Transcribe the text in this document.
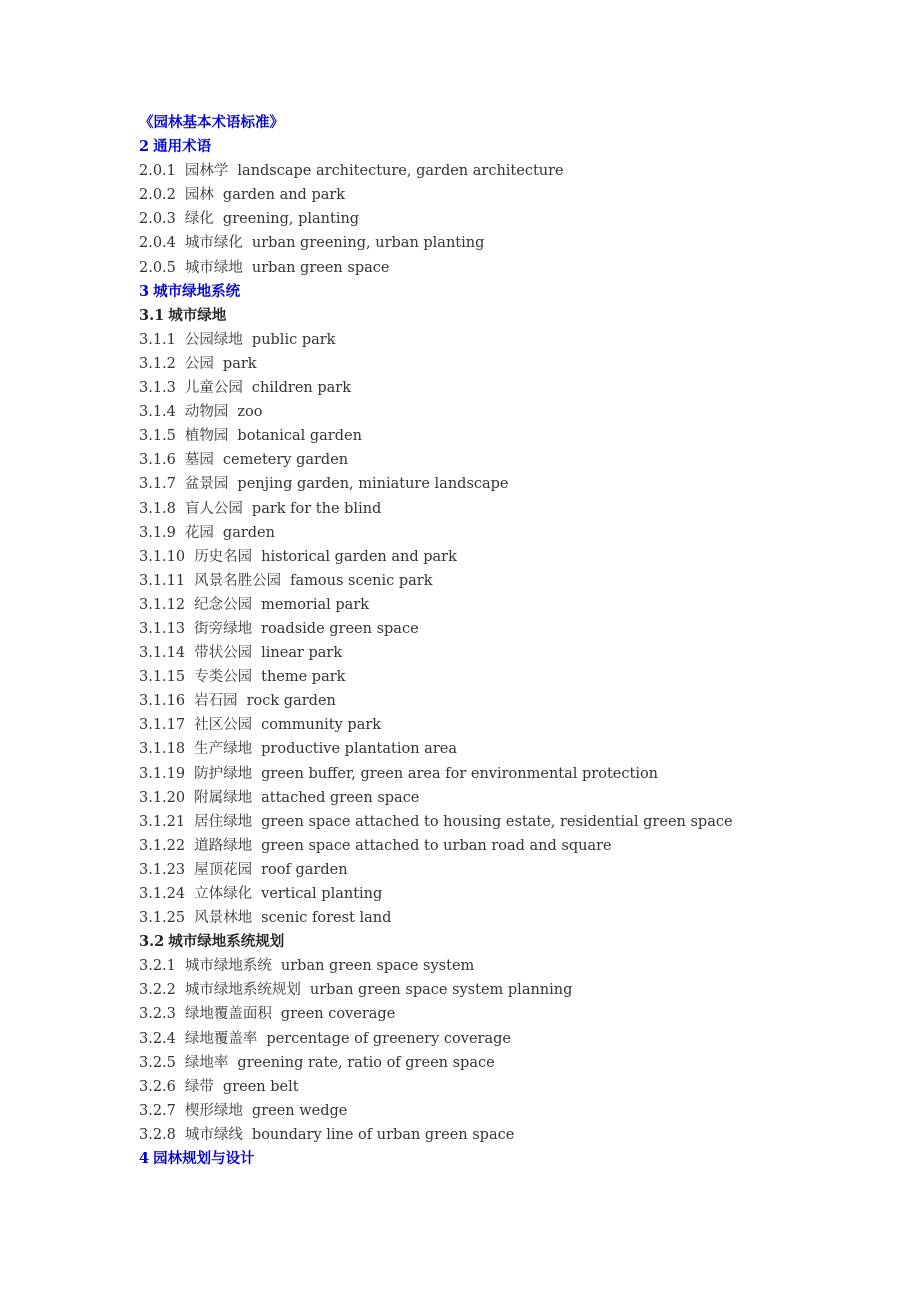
《园林基本术语标准》
2 通用术语
2.0.1 园林学 landscape architecture, garden architecture
2.0.2 园林 garden and park
2.0.3 绿化 greening, planting
2.0.4 城市绿化 urban greening, urban planting
2.0.5 城市绿地 urban green space
3 城市绿地系统
3.1 城市绿地
3.1.1 公园绿地 public park
3.1.2 公园 park
3.1.3 儿童公园 children park
3.1.4 动物园 zoo
3.1.5 植物园 botanical garden
3.1.6 墓园 cemetery garden
3.1.7 盆景园 penjing garden, miniature landscape
3.1.8 盲人公园 park for the blind
3.1.9 花园 garden
3.1.10 历史名园 historical garden and park
3.1.11 风景名胜公园 famous scenic park
3.1.12 纪念公园 memorial park
3.1.13 街旁绿地 roadside green space
3.1.14 带状公园 linear park
3.1.15 专类公园 theme park
3.1.16 岩石园 rock garden
3.1.17 社区公园 community park
3.1.18 生产绿地 productive plantation area
3.1.19 防护绿地 green buffer, green area for environmental protection
3.1.20 附属绿地 attached green space
3.1.21 居住绿地 green space attached to housing estate, residential green space
3.1.22 道路绿地 green space attached to urban road and square
3.1.23 屋顶花园 roof garden
3.1.24 立体绿化 vertical planting
3.1.25 风景林地 scenic forest land
3.2 城市绿地系统规划
3.2.1 城市绿地系统 urban green space system
3.2.2 城市绿地系统规划 urban green space system planning
3.2.3 绿地覆盖面积 green coverage
3.2.4 绿地覆盖率 percentage of greenery coverage
3.2.5 绿地率 greening rate, ratio of green space
3.2.6 绿带 green belt
3.2.7 楔形绿地 green wedge
3.2.8 城市绿线 boundary line of urban green space
4 园林规划与设计
